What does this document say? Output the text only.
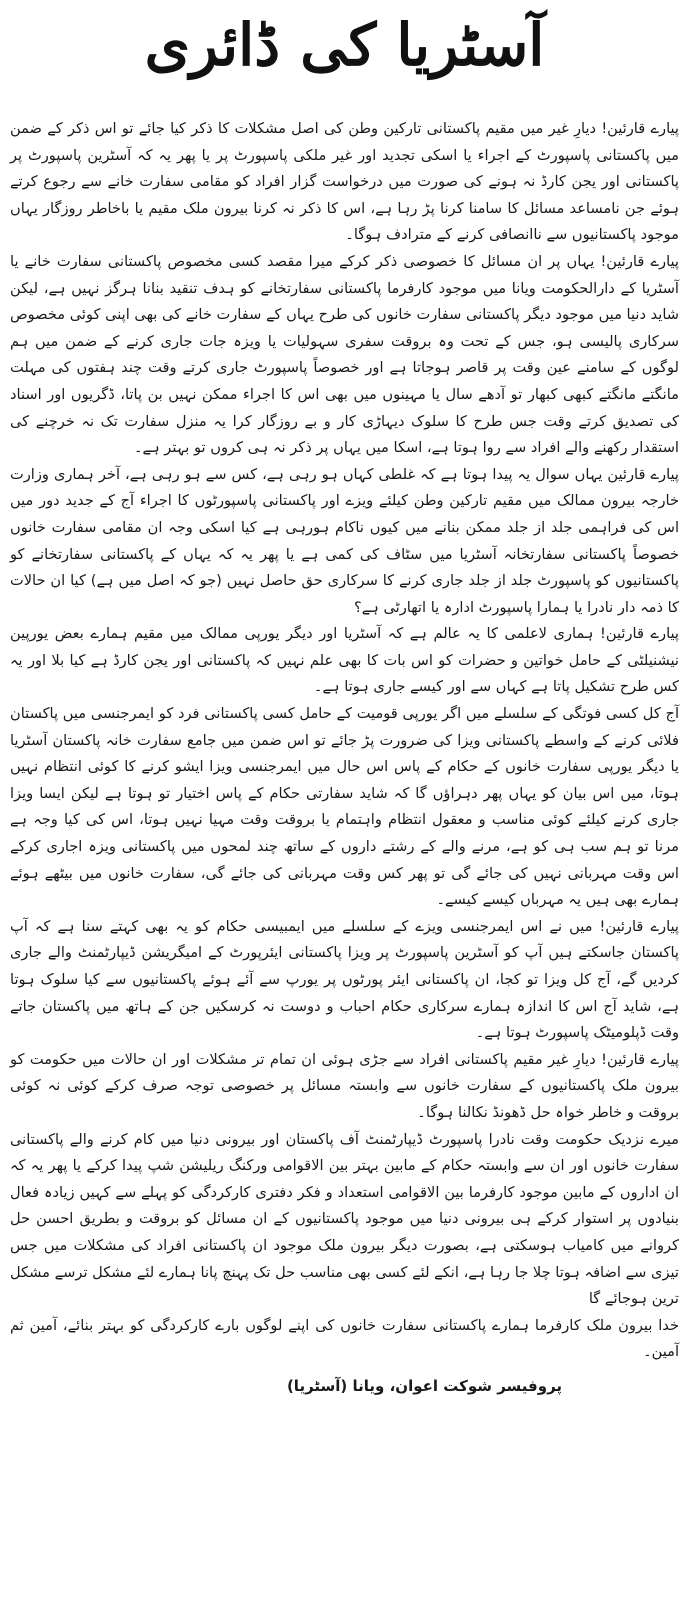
آسٹریا کی ڈائری

پیارے قارئین! دیارِ غیر میں مقیم پاکستانی تارکین وطن کی اصل مشکلات کا ذکر کیا جائے تو اس ذکر کے ضمن میں پاکستانی پاسپورٹ کے اجراء یا اسکی تجدید اور غیر ملکی پاسپورٹ پر یا پھر یہ کہ آسٹرین پاسپورٹ پر پاکستانی اور یجن کارڈ نہ ہونے کی صورت میں درخواست گزار افراد کو مقامی سفارت خانے سے رجوع کرتے ہوئے جن نامساعد مسائل کا سامنا کرنا پڑ رہا ہے، اس کا ذکر نہ کرنا بیرون ملک مقیم یا باخاطر روزگار یہاں موجود پاکستانیوں سے ناانصافی کرنے کے مترادف ہوگا۔

پیارے قارئین! یہاں پر ان مسائل کا خصوصی ذکر کرکے میرا مقصد کسی مخصوص پاکستانی سفارت خانے یا آسٹریا کے دارالحکومت ویانا میں موجود کارفرما پاکستانی سفارتخانے کو ہدف تنقید بنانا ہرگز نہیں ہے، لیکن شاید دنیا میں موجود دیگر پاکستانی سفارت خانوں کی طرح یہاں کے سفارت خانے کی بھی اپنی کوئی مخصوص سرکاری پالیسی ہو، جس کے تحت وہ بروقت سفری سہولیات یا ویزہ جات جاری کرنے کے ضمن میں ہم لوگوں کے سامنے عین وقت پر قاصر ہوجاتا ہے اور خصوصاً پاسپورٹ جاری کرتے وقت چند ہفتوں کی مہلت مانگتے مانگتے کبھی کبھار تو آدھے سال یا مہینوں میں بھی اس کا اجراء ممکن نہیں بن پاتا، ڈگریوں اور اسناد کی تصدیق کرتے وقت جس طرح کا سلوک دیہاڑی کار و بے روزگار کرا یہ منزل سفارت تک نہ خرچنے کی استقدار رکھنے والے افراد سے روا ہوتا ہے، اسکا میں یہاں پر ذکر نہ ہی کروں تو بہتر ہے۔

پیارے قارئین یہاں سوال یہ پیدا ہوتا ہے کہ غلطی کہاں ہو رہی ہے، کس سے ہو رہی ہے، آخر ہماری وزارت خارجہ بیرون ممالک میں مقیم تارکین وطن کیلئے ویزے اور پاکستانی پاسپورٹوں کا اجراء آج کے جدید دور میں اس کی فراہمی جلد از جلد ممکن بنانے میں کیوں ناکام ہورہی ہے کیا اسکی وجہ ان مقامی سفارت خانوں خصوصاً پاکستانی سفارتخانہ آسٹریا میں سٹاف کی کمی ہے یا پھر یہ کہ یہاں کے پاکستانی سفارتخانے کو پاکستانیوں کو پاسپورٹ جلد از جلد جاری کرنے کا سرکاری حق حاصل نہیں (جو کہ اصل میں ہے) کیا ان حالات کا ذمہ دار نادرا یا ہمارا پاسپورٹ ادارہ یا اتھارٹی ہے؟

پیارے قارئین! ہماری لاعلمی کا یہ عالم ہے کہ آسٹریا اور دیگر یورپی ممالک میں مقیم ہمارے بعض یورپین نیشنیلٹی کے حامل خواتین و حضرات کو اس بات کا بھی علم نہیں کہ پاکستانی اور یجن کارڈ ہے کیا بلا اور یہ کس طرح تشکیل پاتا ہے کہاں سے اور کیسے جاری ہوتا ہے۔

آج کل کسی فوتگی کے سلسلے میں اگر یورپی قومیت کے حامل کسی پاکستانی فرد کو ایمرجنسی میں پاکستان فلائی کرنے کے واسطے پاکستانی ویزا کی ضرورت پڑ جائے تو اس ضمن میں جامع سفارت خانہ پاکستان آسٹریا یا دیگر یورپی سفارت خانوں کے حکام کے پاس اس حال میں ایمرجنسی ویزا ایشو کرنے کا کوئی انتظام نہیں ہوتا، میں اس بیان کو یہاں پھر دہراؤں گا کہ شاید سفارتی حکام کے پاس اختیار تو ہوتا ہے لیکن ایسا ویزا جاری کرنے کیلئے کوئی مناسب و معقول انتظام واہتمام یا بروقت وقت مہیا نہیں ہوتا، اس کی کیا وجہ ہے مرنا تو ہم سب ہی کو ہے، مرنے والے کے رشتے داروں کے ساتھ چند لمحوں میں پاکستانی ویزہ اجاری کرکے اس وقت مہربانی نہیں کی جائے گی تو پھر کس وقت مہربانی کی جائے گی، سفارت خانوں میں بیٹھے ہوئے ہمارے بھی ہیں یہ مہرباں کیسے کیسے۔

پیارے قارئین! میں نے اس ایمرجنسی ویزے کے سلسلے میں ایمبیسی حکام کو یہ بھی کہتے سنا ہے کہ آپ پاکستان جاسکتے ہیں آپ کو آسٹرین پاسپورٹ پر ویزا پاکستانی ایئرپورٹ کے امیگریشن ڈیپارٹمنٹ والے جاری کردیں گے، آج کل ویزا تو کجا، ان پاکستانی ایئر پورٹوں پر یورپ سے آئے ہوئے پاکستانیوں سے کیا سلوک ہوتا ہے، شاید آج اس کا اندازہ ہمارے سرکاری حکام احباب و دوست نہ کرسکیں جن کے ہاتھ میں پاکستان جاتے وقت ڈپلومیٹک پاسپورٹ ہوتا ہے۔

پیارے قارئین! دیارِ غیر مقیم پاکستانی افراد سے جڑی ہوئی ان تمام تر مشکلات اور ان حالات میں حکومت کو بیرون ملک پاکستانیوں کے سفارت خانوں سے وابستہ مسائل پر خصوصی توجہ صرف کرکے کوئی نہ کوئی بروقت و خاطر خواہ حل ڈھونڈ نکالنا ہوگا۔

میرے نزدیک حکومت وقت نادرا پاسپورٹ ڈیپارٹمنٹ آف پاکستان اور بیرونی دنیا میں کام کرنے والے پاکستانی سفارت خانوں اور ان سے وابستہ حکام کے مابین بہتر بین الاقوامی ورکنگ ریلیشن شپ پیدا کرکے یا پھر یہ کہ ان اداروں کے مابین موجود کارفرما بین الاقوامی استعداد و فکر دفتری کارکردگی کو پہلے سے کہیں زیادہ فعال بنیادوں پر استوار کرکے ہی بیرونی دنیا میں موجود پاکستانیوں کے ان مسائل کو بروقت و بطریق احسن حل کروانے میں کامیاب ہوسکتی ہے، بصورت دیگر بیرون ملک موجود ان پاکستانی افراد کی مشکلات میں جس تیزی سے اضافہ ہوتا چلا جا رہا ہے، انکے لئے کسی بھی مناسب حل تک پہنچ پانا ہمارے لئے مشکل ترسے مشکل ترین ہوجائے گا

خدا بیرون ملک کارفرما ہمارے پاکستانی سفارت خانوں کی اپنے لوگوں بارے کارکردگی کو بہتر بنائے، آمین ثم آمین۔

پروفیسر شوکت اعوان، ویانا (آسٹریا)
